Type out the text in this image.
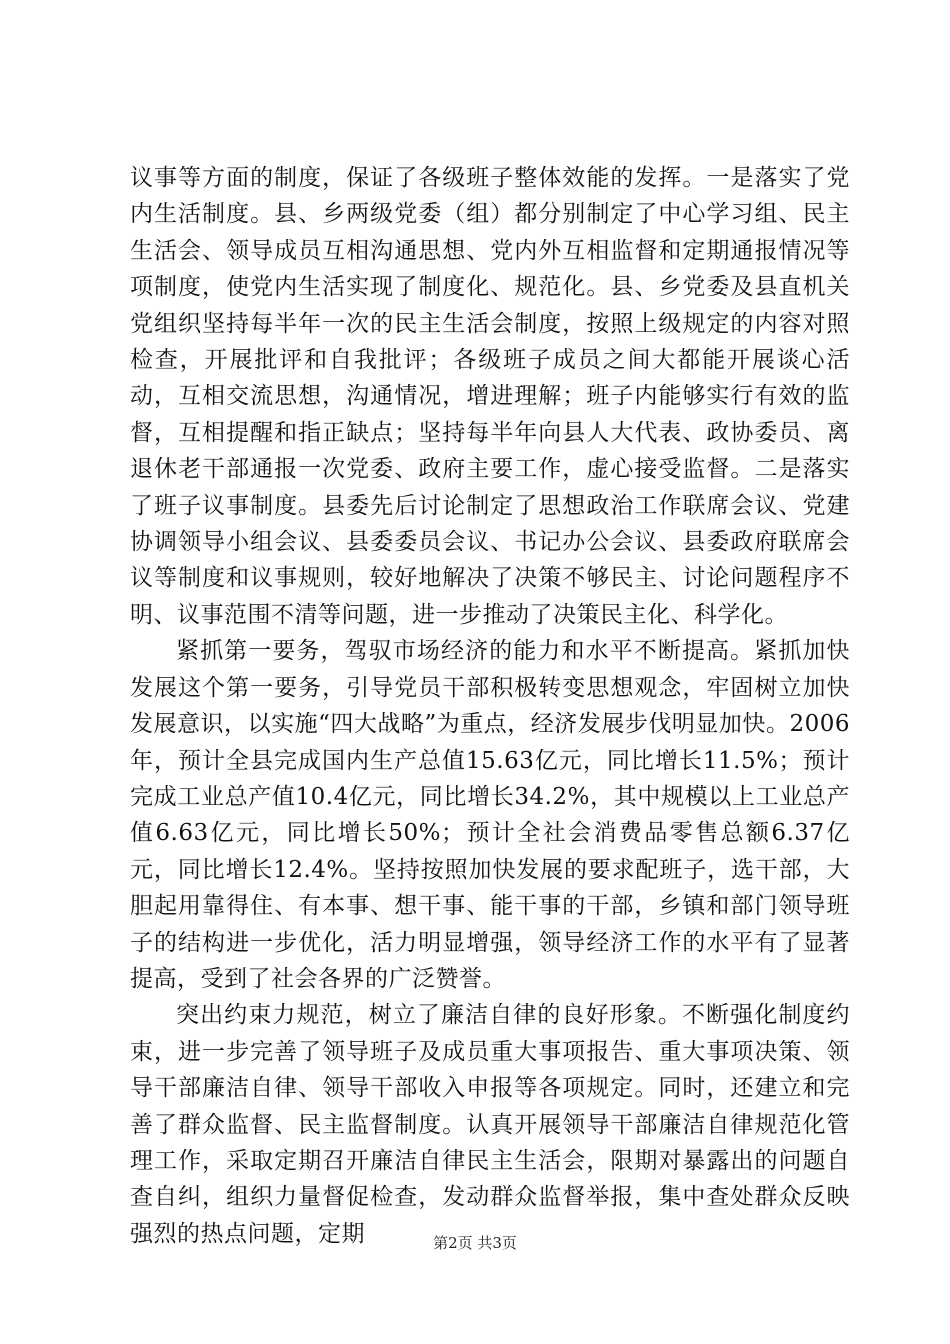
议事等方面的制度，保证了各级班子整体效能的发挥。一是落实了党内生活制度。县、乡两级党委（组）都分别制定了中心学习组、民主生活会、领导成员互相沟通思想、党内外互相监督和定期通报情况等项制度，使党内生活实现了制度化、规范化。县、乡党委及县直机关党组织坚持每半年一次的民主生活会制度，按照上级规定的内容对照检查，开展批评和自我批评；各级班子成员之间大都能开展谈心活动，互相交流思想，沟通情况，增进理解；班子内能够实行有效的监督，互相提醒和指正缺点；坚持每半年向县人大代表、政协委员、离退休老干部通报一次党委、政府主要工作，虚心接受监督。二是落实了班子议事制度。县委先后讨论制定了思想政治工作联席会议、党建协调领导小组会议、县委委员会议、书记办公会议、县委政府联席会议等制度和议事规则，较好地解决了决策不够民主、讨论问题程序不明、议事范围不清等问题，进一步推动了决策民主化、科学化。

紧抓第一要务，驾驭市场经济的能力和水平不断提高。紧抓加快发展这个第一要务，引导党员干部积极转变思想观念，牢固树立加快发展意识，以实施“四大战略”为重点，经济发展步伐明显加快。2006年，预计全县完成国内生产总值15.63亿元，同比增长11.5%；预计完成工业总产值10.4亿元，同比增长34.2%，其中规模以上工业总产值6.63亿元，同比增长50%；预计全社会消费品零售总额6.37亿元，同比增长12.4%。坚持按照加快发展的要求配班子，选干部，大胆起用靠得住、有本事、想干事、能干事的干部，乡镇和部门领导班子的结构进一步优化，活力明显增强，领导经济工作的水平有了显著提高，受到了社会各界的广泛赞誉。

突出约束力规范，树立了廉洁自律的良好形象。不断强化制度约束，进一步完善了领导班子及成员重大事项报告、重大事项决策、领导干部廉洁自律、领导干部收入申报等各项规定。同时，还建立和完善了群众监督、民主监督制度。认真开展领导干部廉洁自律规范化管理工作，采取定期召开廉洁自律民主生活会，限期对暴露出的问题自查自纠，组织力量督促检查，发动群众监督举报，集中查处群众反映强烈的热点问题，定期	第2页 共3页
